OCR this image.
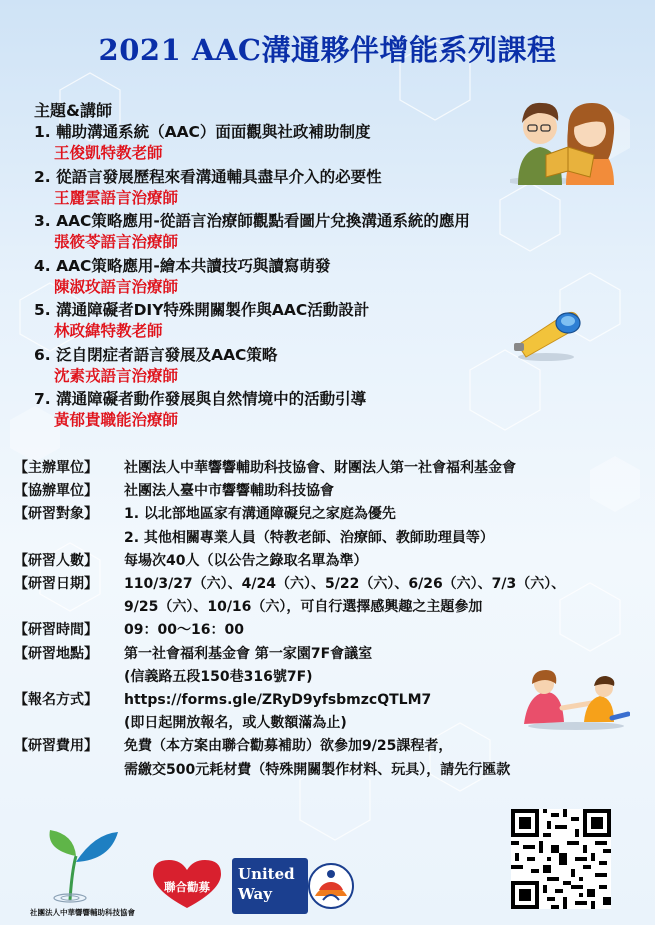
2021 AAC溝通夥伴增能系列課程
主題&講師
1. 輔助溝通系統（AAC）面面觀與社政補助制度
王俊凱特教老師
2. 從語言發展歷程來看溝通輔具盡早介入的必要性
王麗雲語言治療師
3. AAC策略應用-從語言治療師觀點看圖片兌換溝通系統的應用
張筱苓語言治療師
4. AAC策略應用-繪本共讀技巧與讀寫萌發
陳淑玫語言治療師
5. 溝通障礙者DIY特殊開關製作與AAC活動設計
林政緯特教老師
6. 泛自閉症者語言發展及AAC策略
沈素戎語言治療師
7. 溝通障礙者動作發展與自然情境中的活動引導
黃郁貴職能治療師
【主辦單位】	社團法人中華響響輔助科技協會、財團法人第一社會福利基金會
【協辦單位】	社團法人臺中市響響輔助科技協會
【研習對象】	1. 以北部地區家有溝通障礙兒之家庭為優先
2. 其他相關專業人員（特教老師、治療師、教師助理員等）
【研習人數】	每場次40人（以公告之錄取名單為準）
【研習日期】	110/3/27（六）、4/24（六）、5/22（六）、6/26（六）、7/3（六）、
9/25（六）、10/16（六），可自行選擇感興趣之主題參加
【研習時間】	09：00〜16：00
【研習地點】	第一社會福利基金會 第一家園7F會議室
(信義路五段150巷316號7F)
【報名方式】	https://forms.gle/ZRyD9yfsbmzcQTLM7
(即日起開放報名，或人數額滿為止)
【研習費用】	免費（本方案由聯合勸募補助）欲參加9/25課程者，
需繳交500元耗材費（特殊開關製作材料、玩具），請先行匯款
社團法人中華響響輔助科技協會
聯合勸募
United
Way
